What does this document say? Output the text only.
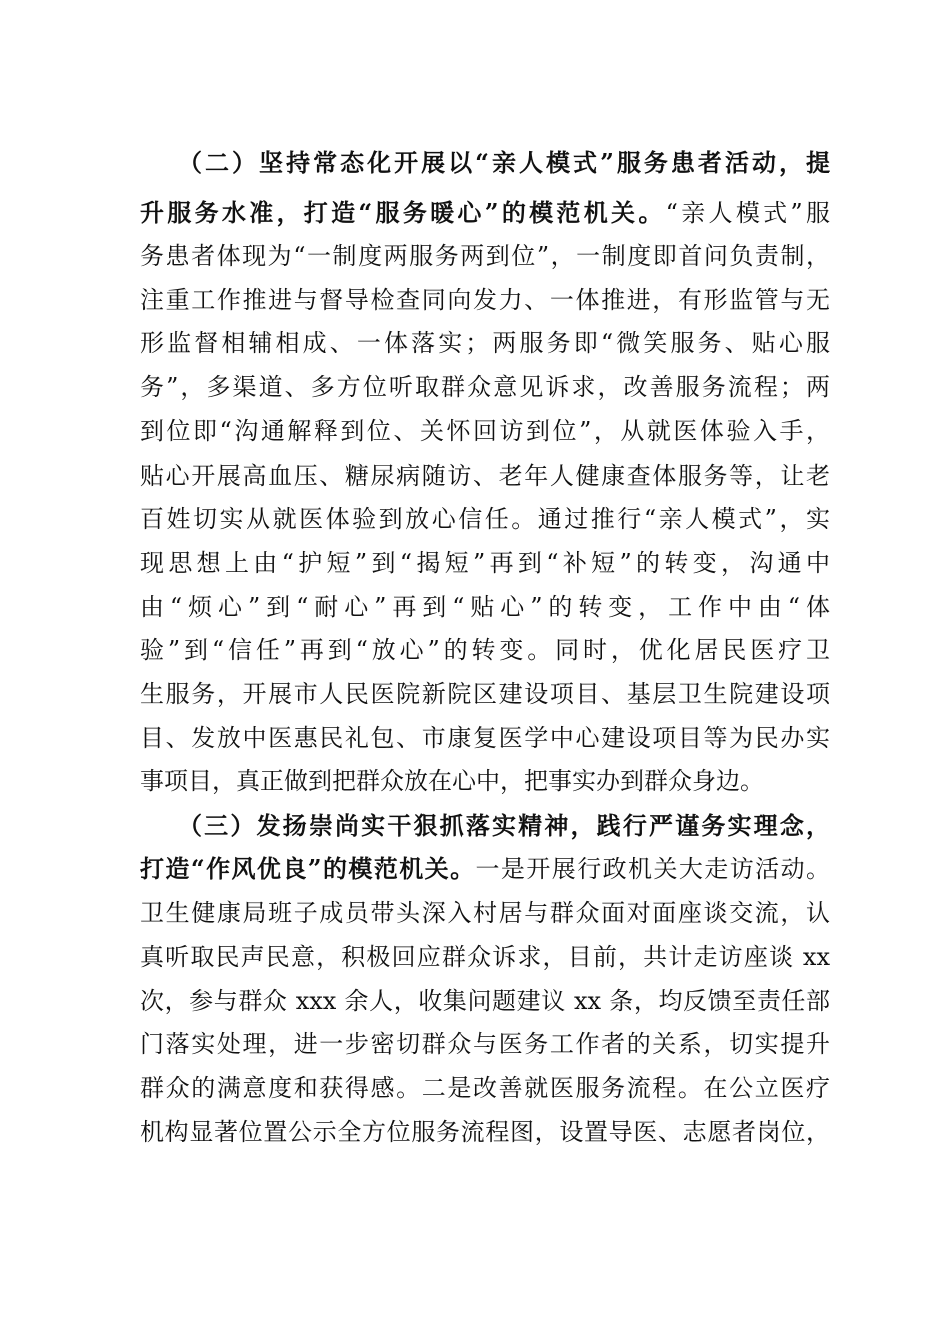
（二）坚持常态化开展以“亲人模式”服务患者活动，提
升服务水准，打造“服务暖心”的模范机关。“亲人模式”服
务患者体现为“一制度两服务两到位”，一制度即首问负责制，
注重工作推进与督导检查同向发力、一体推进，有形监管与无
形监督相辅相成、一体落实；两服务即“微笑服务、贴心服
务”，多渠道、多方位听取群众意见诉求，改善服务流程；两
到位即“沟通解释到位、关怀回访到位”，从就医体验入手，
贴心开展高血压、糖尿病随访、老年人健康查体服务等，让老
百姓切实从就医体验到放心信任。通过推行“亲人模式”，实
现思想上由“护短”到“揭短”再到“补短”的转变，沟通中
由“烦心”到“耐心”再到“贴心”的转变，工作中由“体
验”到“信任”再到“放心”的转变。同时，优化居民医疗卫
生服务，开展市人民医院新院区建设项目、基层卫生院建设项
目、发放中医惠民礼包、市康复医学中心建设项目等为民办实
事项目，真正做到把群众放在心中，把事实办到群众身边。
（三）发扬崇尚实干狠抓落实精神，践行严谨务实理念，
打造“作风优良”的模范机关。一是开展行政机关大走访活动。
卫生健康局班子成员带头深入村居与群众面对面座谈交流，认
真听取民声民意，积极回应群众诉求，目前，共计走访座谈 xx
次，参与群众 xxx 余人，收集问题建议 xx 条，均反馈至责任部
门落实处理，进一步密切群众与医务工作者的关系，切实提升
群众的满意度和获得感。二是改善就医服务流程。在公立医疗
机构显著位置公示全方位服务流程图，设置导医、志愿者岗位，
